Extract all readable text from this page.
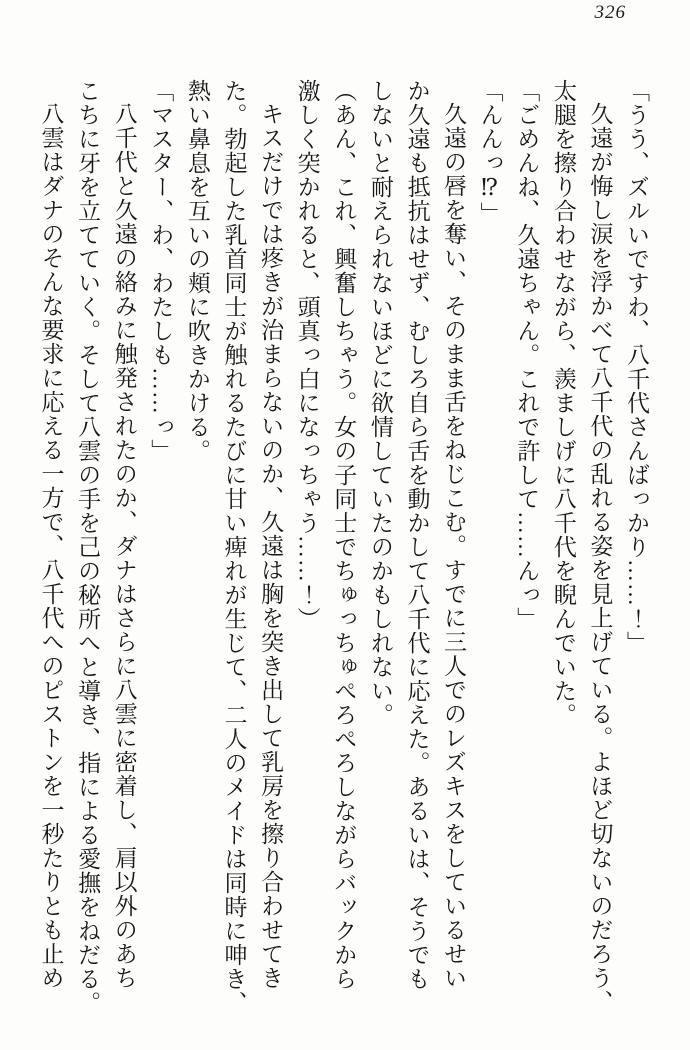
326

「うう、ズルいですわ、八千代さんばっかり……！」

久遠が悔し涙を浮かべて八千代の乱れる姿を見上げている。よほど切ないのだろう、

太腿を擦り合わせながら、羨ましげに八千代を睨んでいた。

「ごめんね、久遠ちゃん。これで許して……んっ」

「んんっ⁉」

久遠の唇を奪い、そのまま舌をねじこむ。すでに三人でのレズキスをしているせい

か久遠も抵抗はせず、むしろ自ら舌を動かして八千代に応えた。あるいは、そうでも

しないと耐えられないほどに欲情していたのかもしれない。

（あん、これ、興奮しちゃう。女の子同士でちゅっちゅぺろぺろしながらバックから

激しく突かれると、頭真っ白になっちゃう……！）

キスだけでは疼きが治まらないのか、久遠は胸を突き出して乳房を擦り合わせてき

た。勃起した乳首同士が触れるたびに甘い痺れが生じて、二人のメイドは同時に呻き、

熱い鼻息を互いの頬に吹きかける。

「マスター、わ、わたしも……っ」

八千代と久遠の絡みに触発されたのか、ダナはさらに八雲に密着し、肩以外のあち

こちに牙を立てていく。そして八雲の手を己の秘所へと導き、指による愛撫をねだる。

八雲はダナのそんな要求に応える一方で、八千代へのピストンを一秒たりとも止め
